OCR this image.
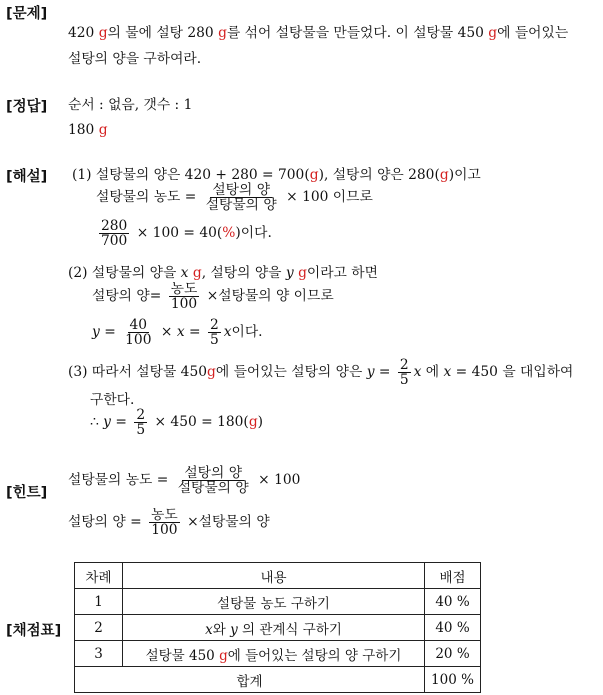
[문제]
420 g의 물에 설탕 280 g를 섞어 설탕물을 만들었다. 이 설탕물 450 g에 들어있는
설탕의 양을 구하여라.
[정답] 순서 : 없음, 갯수 : 1
180 g
[해설] (1) 설탕물의 양은 420 + 280 = 700(g), 설탕의 양은 280(g)이고
설탕물의 농도 = $\frac{\text{설탕의 양}}{\text{설탕물의 양}} \times 100$ 이므로
$\frac{280}{700} \times 100 = 40(\%)$이다.
(2) 설탕물의 양을 x g, 설탕의 양을 y g이라고 하면
설탕의 양= $\frac{\text{농도}}{100}$ ×설탕물의 양 이므로
$y = \frac{40}{100} \times x = \frac{2}{5}$ x이다.
(3) 따라서 설탕물 450g에 들어있는 설탕의 양은 $y = \frac{2}{5}$ x 에 x = 450 을 대입하여
구한다.
∴ $y = \frac{2}{5} \times 450 = 180(g)$
[힌트]
설탕물의 농도 = $\frac{\text{설탕의 양}}{\text{설탕물의 양}} \times 100$
설탕의 양 = $\frac{\text{농도}}{100}$ ×설탕물의 양
[채점표]
차례	내용	배점
1	설탕물 농도 구하기	40 %
2	x와 y 의 관계식 구하기	40 %
3	설탕물 450 g에 들어있는 설탕의 양 구하기	20 %
합계		100 %
